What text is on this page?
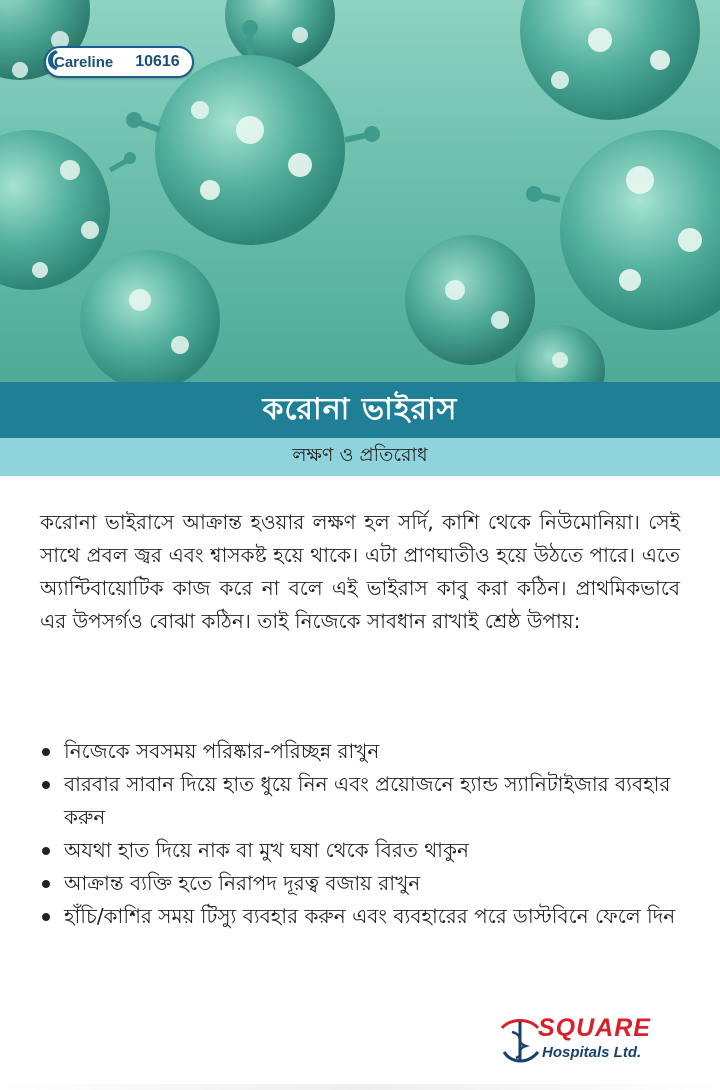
Careline 10616
করোনা ভাইরাস
লক্ষণ ও প্রতিরোধ

করোনা ভাইরাসে আক্রান্ত হওয়ার লক্ষণ হল সর্দি, কাশি থেকে নিউমোনিয়া। সেই সাথে প্রবল জ্বর এবং শ্বাসকষ্ট হয়ে থাকে। এটা প্রাণঘাতীও হয়ে উঠতে পারে। এতে অ্যান্টিবায়োটিক কাজ করে না বলে এই ভাইরাস কাবু করা কঠিন। প্রাথমিকভাবে এর উপসর্গও বোঝা কঠিন। তাই নিজেকে সাবধান রাখাই শ্রেষ্ঠ উপায়:

নিজেকে সবসময় পরিষ্কার-পরিচ্ছন্ন রাখুন
বারবার সাবান দিয়ে হাত ধুয়ে নিন এবং প্রয়োজনে হ্যান্ড স্যানিটাইজার ব্যবহার করুন
অযথা হাত দিয়ে নাক বা মুখ ঘষা থেকে বিরত থাকুন
আক্রান্ত ব্যক্তি হতে নিরাপদ দূরত্ব বজায় রাখুন
হাঁচি/কাশির সময় টিস্যু ব্যবহার করুন এবং ব্যবহারের পরে ডাস্টবিনে ফেলে দিন
SQUARE
Hospitals Ltd.
